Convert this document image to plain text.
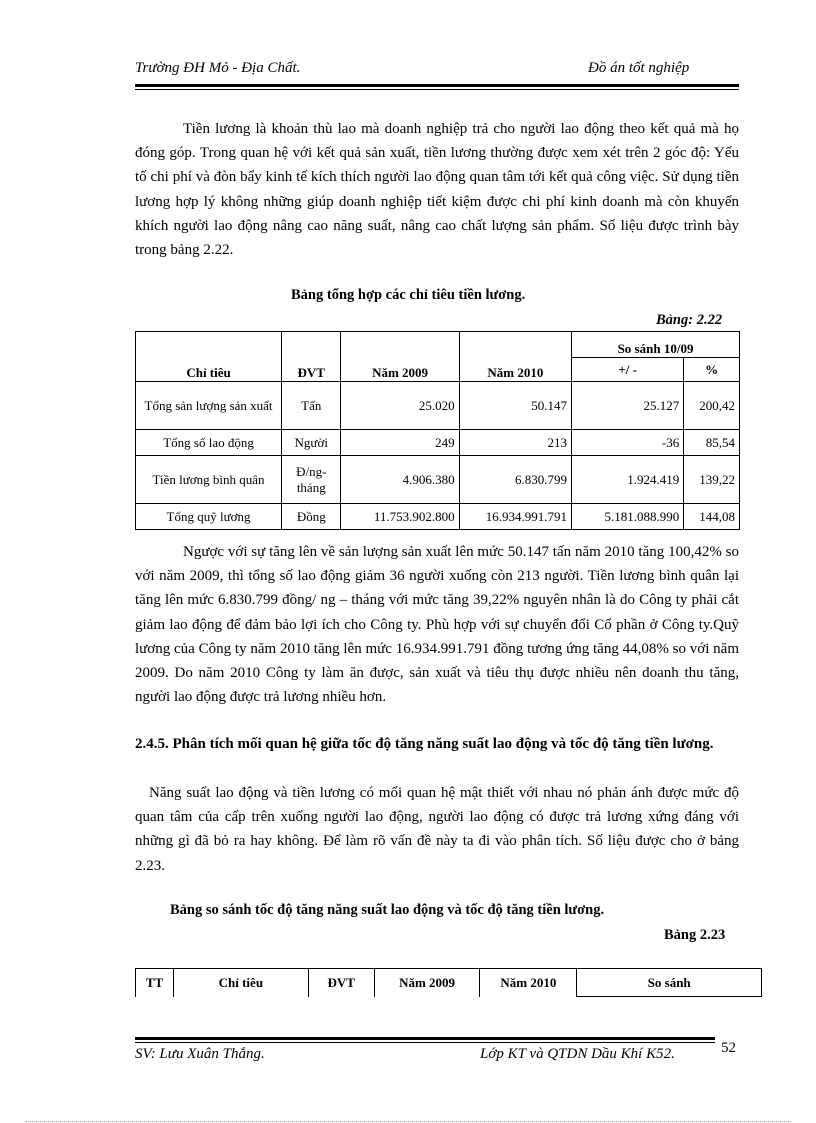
Trường ĐH Mỏ - Địa Chất.	Đồ án tốt nghiệp

Tiền lương là khoản thù lao mà doanh nghiệp trả cho người lao động theo kết quả mà họ đóng góp. Trong quan hệ với kết quả sản xuất, tiền lương thường được xem xét trên 2 góc độ: Yếu tố chi phí và đòn bẩy kinh tế kích thích người lao động quan tâm tới kết quả công việc. Sử dụng tiền lương hợp lý không những giúp doanh nghiệp tiết kiệm được chi phí kinh doanh mà còn khuyến khích người lao động nâng cao năng suất, nâng cao chất lượng sản phẩm. Số liệu được trình bày trong bảng 2.22.

Bảng tổng hợp các chỉ tiêu tiền lương.
Bảng: 2.22
Chỉ tiêu	ĐVT	Năm 2009	Năm 2010	So sánh 10/09	
				+/ -	%
Tổng sản lượng sản xuất	Tấn	25.020	50.147	25.127	200,42
Tổng số lao động	Người	249	213	-36	85,54
Tiền lương bình quân	Đ/ng-tháng	4.906.380	6.830.799	1.924.419	139,22
Tổng quỹ lương	Đồng	11.753.902.800	16.934.991.791	5.181.088.990	144,08

Ngược với sự tăng lên về sản lượng sản xuất lên mức 50.147 tấn năm 2010 tăng 100,42% so với năm 2009, thì tổng số lao động giảm 36 người xuống còn 213 người. Tiền lương bình quân lại tăng lên mức 6.830.799 đồng/ ng – tháng với mức tăng 39,22% nguyên nhân là do Công ty phải cắt giảm lao động để đảm bảo lợi ích cho Công ty. Phù hợp với sự chuyển đổi Cổ phần ở Công ty.Quỹ lương của Công ty năm 2010 tăng lên mức 16.934.991.791 đồng tương ứng tăng 44,08% so với năm 2009. Do năm 2010 Công ty làm ăn được, sản xuất và tiêu thụ được nhiều nên doanh thu tăng, người lao động được trả lương nhiều hơn.

2.4.5. Phân tích mối quan hệ giữa tốc độ tăng năng suất lao động và tốc độ tăng tiền lương.

Năng suất lao động và tiền lương có mối quan hệ mật thiết với nhau nó phản ánh được mức độ quan tâm của cấp trên xuống người lao động, người lao động có được trả lương xứng đáng với những gì đã bỏ ra hay không. Để làm rõ vấn đề này ta đi vào phân tích. Số liệu được cho ở bảng 2.23.

Bảng so sánh tốc độ tăng năng suất lao động và tốc độ tăng tiền lương.
Bảng 2.23
TT	Chỉ tiêu	ĐVT	Năm 2009	Năm 2010	So sánh
SV: Lưu Xuân Thắng.	Lớp KT và QTDN Dầu Khí K52.	52
